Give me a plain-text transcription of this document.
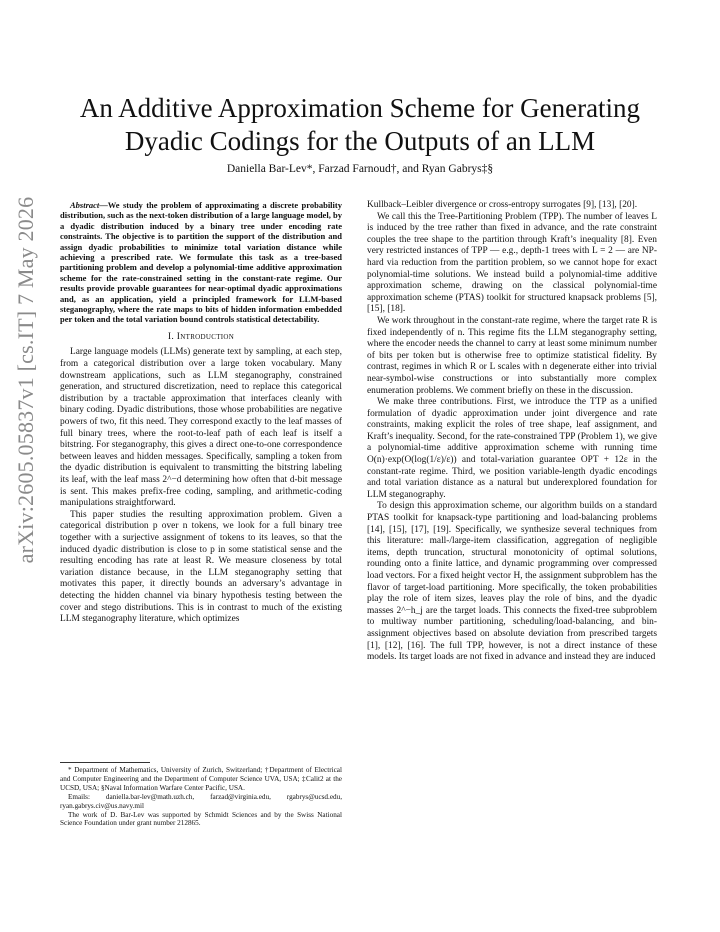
arXiv:2605.05837v1 [cs.IT] 7 May 2026
An Additive Approximation Scheme for Generating Dyadic Codings for the Outputs of an LLM
Daniella Bar-Lev*, Farzad Farnoud†, and Ryan Gabrys‡§

Abstract—We study the problem of approximating a discrete probability distribution, such as the next-token distribution of a large language model, by a dyadic distribution induced by a binary tree under encoding rate constraints. The objective is to partition the support of the distribution and assign dyadic probabilities to minimize total variation distance while achieving a prescribed rate. We formulate this task as a tree-based partitioning problem and develop a polynomial-time additive approximation scheme for the rate-constrained setting in the constant-rate regime. Our results provide provable guarantees for near-optimal dyadic approximations and, as an application, yield a principled framework for LLM-based steganography, where the rate maps to bits of hidden information embedded per token and the total variation bound controls statistical detectability.

I. Introduction

Large language models (LLMs) generate text by sampling, at each step, from a categorical distribution over a large token vocabulary. Many downstream applications, such as LLM steganography, constrained generation, and structured discretization, need to replace this categorical distribution by a tractable approximation that interfaces cleanly with binary coding. Dyadic distributions, those whose probabilities are negative powers of two, fit this need. They correspond exactly to the leaf masses of full binary trees, where the root-to-leaf path of each leaf is itself a bitstring. For steganography, this gives a direct one-to-one correspondence between leaves and hidden messages. Specifically, sampling a token from the dyadic distribution is equivalent to transmitting the bitstring labeling its leaf, with the leaf mass 2^−d determining how often that d-bit message is sent. This makes prefix-free coding, sampling, and arithmetic-coding manipulations straightforward.

This paper studies the resulting approximation problem. Given a categorical distribution p over n tokens, we look for a full binary tree together with a surjective assignment of tokens to its leaves, so that the induced dyadic distribution is close to p in some statistical sense and the resulting encoding has rate at least R. We measure closeness by total variation distance because, in the LLM steganography setting that motivates this paper, it directly bounds an adversary’s advantage in detecting the hidden channel via binary hypothesis testing between the cover and stego distributions. This is in contrast to much of the existing LLM steganography literature, which optimizes

* Department of Mathematics, University of Zurich, Switzerland; †Department of Electrical and Computer Engineering and the Department of Computer Science UVA, USA; ‡Calit2 at the UCSD, USA; §Naval Information Warfare Center Pacific, USA.

Emails: daniella.bar-lev@math.uzh.ch, farzad@virginia.edu, rgabrys@ucsd.edu, ryan.gabrys.civ@us.navy.mil

The work of D. Bar-Lev was supported by Schmidt Sciences and by the Swiss National Science Foundation under grant number 212865.

Kullback–Leibler divergence or cross-entropy surrogates [9], [13], [20].

We call this the Tree-Partitioning Problem (TPP). The number of leaves L is induced by the tree rather than fixed in advance, and the rate constraint couples the tree shape to the partition through Kraft’s inequality [8]. Even very restricted instances of TPP — e.g., depth-1 trees with L = 2 — are NP-hard via reduction from the partition problem, so we cannot hope for exact polynomial-time solutions. We instead build a polynomial-time additive approximation scheme, drawing on the classical polynomial-time approximation scheme (PTAS) toolkit for structured knapsack problems [5], [15], [18].

We work throughout in the constant-rate regime, where the target rate R is fixed independently of n. This regime fits the LLM steganography setting, where the encoder needs the channel to carry at least some minimum number of bits per token but is otherwise free to optimize statistical fidelity. By contrast, regimes in which R or L scales with n degenerate either into trivial near-symbol-wise constructions or into substantially more complex enumeration problems. We comment briefly on these in the discussion.

We make three contributions. First, we introduce the TTP as a unified formulation of dyadic approximation under joint divergence and rate constraints, making explicit the roles of tree shape, leaf assignment, and Kraft’s inequality. Second, for the rate-constrained TPP (Problem 1), we give a polynomial-time additive approximation scheme with running time O(n)·exp(O(log(1/ε)/ε)) and total-variation guarantee OPT + 12ε in the constant-rate regime. Third, we position variable-length dyadic encodings and total variation distance as a natural but underexplored foundation for LLM steganography.

To design this approximation scheme, our algorithm builds on a standard PTAS toolkit for knapsack-type partitioning and load-balancing problems [14], [15], [17], [19]. Specifically, we synthesize several techniques from this literature: mall-/large-item classification, aggregation of negligible items, depth truncation, structural monotonicity of optimal solutions, rounding onto a finite lattice, and dynamic programming over compressed load vectors. For a fixed height vector H, the assignment subproblem has the flavor of target-load partitioning. More specifically, the token probabilities play the role of item sizes, leaves play the role of bins, and the dyadic masses 2^−h_j are the target loads. This connects the fixed-tree subproblem to multiway number partitioning, scheduling/load-balancing, and bin-assignment objectives based on absolute deviation from prescribed targets [1], [12], [16]. The full TPP, however, is not a direct instance of these models. Its target loads are not fixed in advance and instead they are induced
